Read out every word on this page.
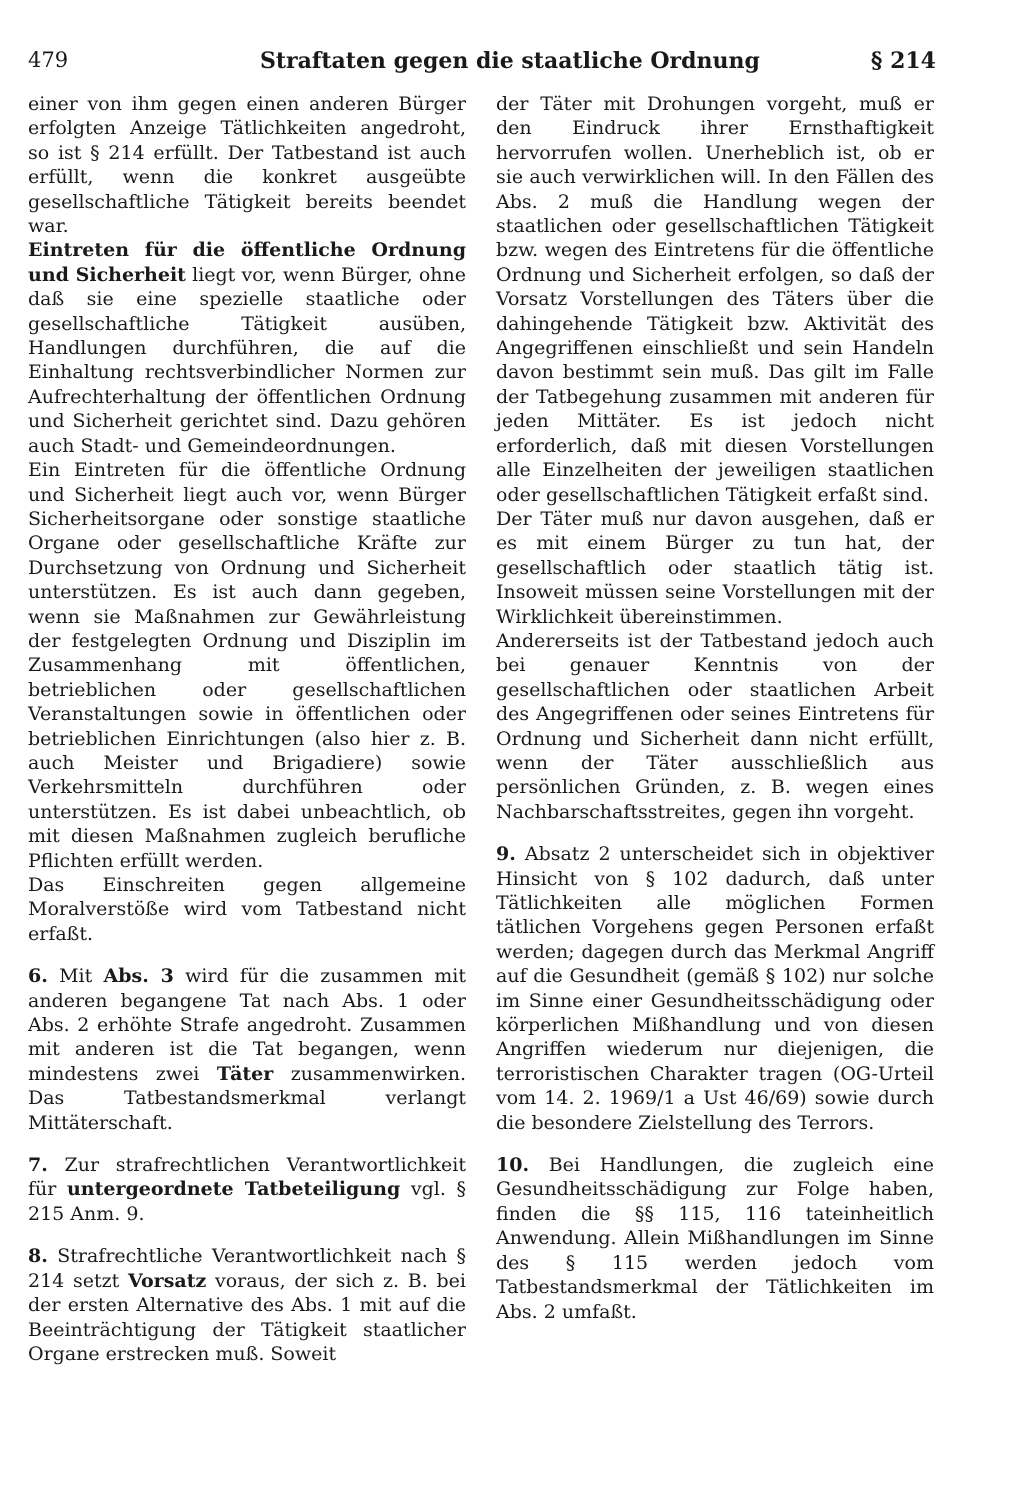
479	Straftaten gegen die staatliche Ordnung	§ 214

einer von ihm gegen einen anderen Bürger erfolgten Anzeige Tätlichkeiten angedroht, so ist § 214 erfüllt. Der Tatbestand ist auch erfüllt, wenn die konkret ausgeübte gesellschaftliche Tätigkeit bereits beendet war.

Eintreten für die öffentliche Ordnung und Sicherheit liegt vor, wenn Bürger, ohne daß sie eine spezielle staatliche oder gesellschaftliche Tätigkeit ausüben, Handlungen durchführen, die auf die Einhaltung rechtsverbindlicher Normen zur Aufrechterhaltung der öffentlichen Ordnung und Sicherheit gerichtet sind. Dazu gehören auch Stadt- und Gemeindeordnungen.

Ein Eintreten für die öffentliche Ordnung und Sicherheit liegt auch vor, wenn Bürger Sicherheitsorgane oder sonstige staatliche Organe oder gesellschaftliche Kräfte zur Durchsetzung von Ordnung und Sicherheit unterstützen. Es ist auch dann gegeben, wenn sie Maßnahmen zur Gewährleistung der festgelegten Ordnung und Disziplin im Zusammenhang mit öffentlichen, betrieblichen oder gesellschaftlichen Veranstaltungen sowie in öffentlichen oder betrieblichen Einrichtungen (also hier z. B. auch Meister und Brigadiere) sowie Verkehrsmitteln durchführen oder unterstützen. Es ist dabei unbeachtlich, ob mit diesen Maßnahmen zugleich berufliche Pflichten erfüllt werden.

Das Einschreiten gegen allgemeine Moralverstöße wird vom Tatbestand nicht erfaßt.

6. Mit Abs. 3 wird für die zusammen mit anderen begangene Tat nach Abs. 1 oder Abs. 2 erhöhte Strafe angedroht. Zusammen mit anderen ist die Tat begangen, wenn mindestens zwei Täter zusammenwirken. Das Tatbestandsmerkmal verlangt Mittäterschaft.

7. Zur strafrechtlichen Verantwortlichkeit für untergeordnete Tatbeteiligung vgl. § 215 Anm. 9.

8. Strafrechtliche Verantwortlichkeit nach § 214 setzt Vorsatz voraus, der sich z. B. bei der ersten Alternative des Abs. 1 mit auf die Beeinträchtigung der Tätigkeit staatlicher Organe erstrecken muß. Soweit

der Täter mit Drohungen vorgeht, muß er den Eindruck ihrer Ernsthaftigkeit hervorrufen wollen. Unerheblich ist, ob er sie auch verwirklichen will. In den Fällen des Abs. 2 muß die Handlung wegen der staatlichen oder gesellschaftlichen Tätigkeit bzw. wegen des Eintretens für die öffentliche Ordnung und Sicherheit erfolgen, so daß der Vorsatz Vorstellungen des Täters über die dahingehende Tätigkeit bzw. Aktivität des Angegriffenen einschließt und sein Handeln davon bestimmt sein muß. Das gilt im Falle der Tatbegehung zusammen mit anderen für jeden Mittäter. Es ist jedoch nicht erforderlich, daß mit diesen Vorstellungen alle Einzelheiten der jeweiligen staatlichen oder gesellschaftlichen Tätigkeit erfaßt sind.

Der Täter muß nur davon ausgehen, daß er es mit einem Bürger zu tun hat, der gesellschaftlich oder staatlich tätig ist. Insoweit müssen seine Vorstellungen mit der Wirklichkeit übereinstimmen.

Andererseits ist der Tatbestand jedoch auch bei genauer Kenntnis von der gesellschaftlichen oder staatlichen Arbeit des Angegriffenen oder seines Eintretens für Ordnung und Sicherheit dann nicht erfüllt, wenn der Täter ausschließlich aus persönlichen Gründen, z. B. wegen eines Nachbarschaftsstreites, gegen ihn vorgeht.

9. Absatz 2 unterscheidet sich in objektiver Hinsicht von § 102 dadurch, daß unter Tätlichkeiten alle möglichen Formen tätlichen Vorgehens gegen Personen erfaßt werden; dagegen durch das Merkmal Angriff auf die Gesundheit (gemäß § 102) nur solche im Sinne einer Gesundheitsschädigung oder körperlichen Mißhandlung und von diesen Angriffen wiederum nur diejenigen, die terroristischen Charakter tragen (OG-Urteil vom 14. 2. 1969/1 a Ust 46/69) sowie durch die besondere Zielstellung des Terrors.

10. Bei Handlungen, die zugleich eine Gesundheitsschädigung zur Folge haben, finden die §§ 115, 116 tateinheitlich Anwendung. Allein Mißhandlungen im Sinne des § 115 werden jedoch vom Tatbestandsmerkmal der Tätlichkeiten im Abs. 2 umfaßt.
